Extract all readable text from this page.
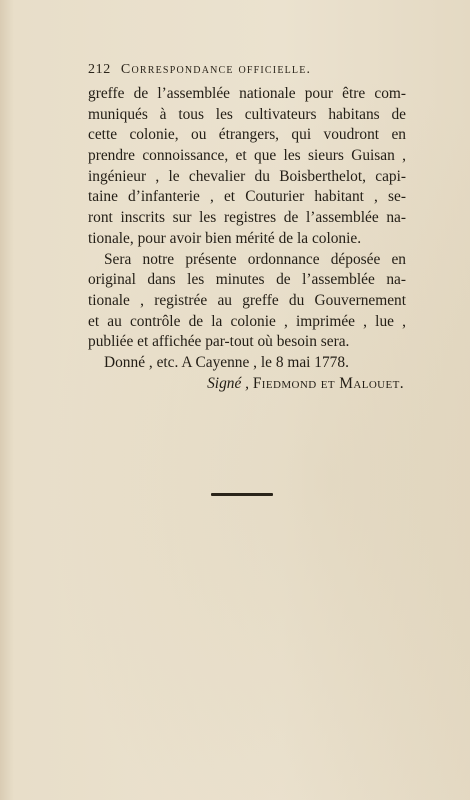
212 Correspondance officielle.
greffe de l’assemblée nationale pour être com-
muniqués à tous les cultivateurs habitans de
cette colonie, ou étrangers, qui voudront en
prendre connoissance, et que les sieurs Guisan ,
ingénieur , le chevalier du Boisberthelot, capi-
taine d’infanterie , et Couturier habitant , se-
ront inscrits sur les registres de l’assemblée na-
tionale, pour avoir bien mérité de la colonie.
Sera notre présente ordonnance déposée en
original dans les minutes de l’assemblée na-
tionale , registrée au greffe du Gouvernement
et au contrôle de la colonie , imprimée , lue ,
publiée et affichée par-tout où besoin sera.
Donné , etc. A Cayenne , le 8 mai 1778.
Signé , Fiedmond et Malouet.
